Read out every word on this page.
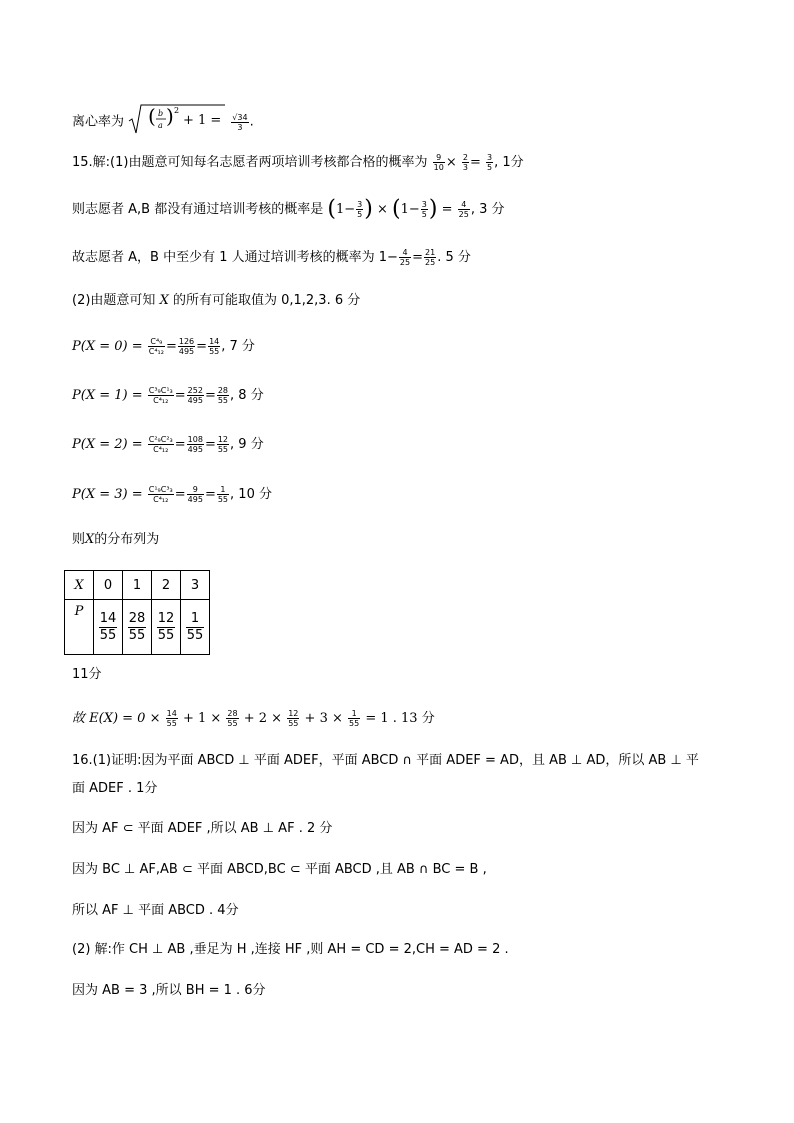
离心率为 ( b
a ) 2
+ 1 =
$\frac{√34}{3}$ .
15.解:(1)由题意可知每名志愿者两项培训考核都合格的概率为 $\frac{9}{10} \times \frac{2}{3} = \frac{3}{5}$ , 1分
则志愿者 A,B 都没有通过培训考核的概率是 ($1- \frac{3}{5}$ ) × ($1- \frac{3}{5}$ ) = $\frac{4}{25}$ , 3 分
故志愿者 A，B 中至少有 1 人通过培训考核的概率为 $1- \frac{4}{25} = \frac{21}{25}$ . 5 分
(2)由题意可知 X 的所有可能取值为 0,1,2,3. 6 分
$P(X = 0) = \frac{\text{C⁴₉}}{\text{C⁴₁₂}} = \frac{126}{495} = \frac{14}{55}$ , 7 分
$P(X = 1) = \frac{\text{C³₉C¹₃}}{\text{C⁴₁₂}} = \frac{252}{495} = \frac{28}{55}$ , 8 分
$P(X = 2) = \frac{\text{C²₉C²₃}}{\text{C⁴₁₂}} = \frac{108}{495} = \frac{12}{55}$ , 9 分
$P(X = 3) = \frac{\text{C¹₉C³₃}}{\text{C⁴₁₂}} = \frac{9}{495} = \frac{1}{55}$ , 10 分
则X的分布列为
X	0	1	2	3
P	$\frac{14}{55}$	$\frac{28}{55}$	$\frac{12}{55}$	$\frac{1}{55}$
11分
故 $E(X) = 0 \times \frac{14}{55} + 1 \times \frac{28}{55} + 2 \times \frac{12}{55} + 3 \times \frac{1}{55} = 1$ . 13 分
16.(1)证明:因为平面 ABCD ⊥ 平面 ADEF，平面 ABCD ∩ 平面 ADEF = AD，且 AB ⊥ AD，所以 AB ⊥ 平
面 ADEF . 1分
因为 AF ⊂ 平面 ADEF ,所以 AB ⊥ AF . 2 分
因为 BC ⊥ AF,AB ⊂ 平面 ABCD,BC ⊂ 平面 ABCD ,且 AB ∩ BC = B ,
所以 AF ⊥ 平面 ABCD . 4分
(2) 解:作 CH ⊥ AB ,垂足为 H ,连接 HF ,则 AH = CD = 2,CH = AD = 2 .
因为 AB = 3 ,所以 BH = 1 . 6分
